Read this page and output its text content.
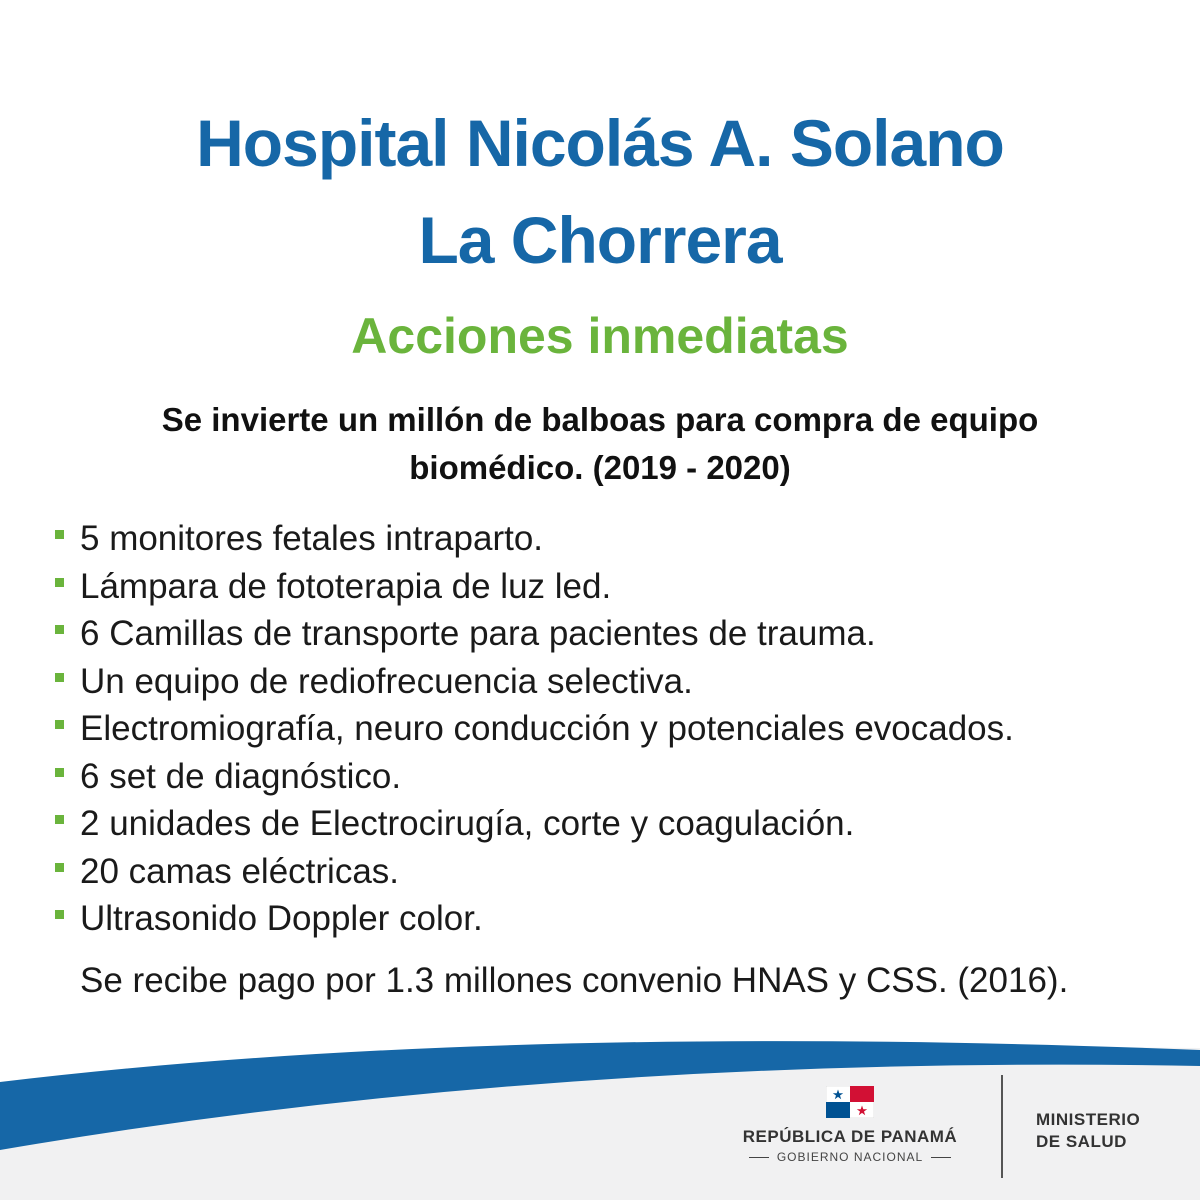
Hospital Nicolás A. Solano
La Chorrera
Acciones inmediatas
Se invierte un millón de balboas para compra de equipo
biomédico. (2019 - 2020)
5 monitores fetales intraparto.
Lámpara de fototerapia de luz led.
6 Camillas de transporte para pacientes de trauma.
Un equipo de rediofrecuencia selectiva.
Electromiografía, neuro conducción y potenciales evocados.
6 set de diagnóstico.
2 unidades de Electrocirugía, corte y coagulación.
20 camas eléctricas.
Ultrasonido Doppler color.

Se recibe pago por 1.3 millones convenio HNAS y CSS. (2016).

REPÚBLICA DE PANAMÁ
GOBIERNO NACIONAL
MINISTERIO
DE SALUD
